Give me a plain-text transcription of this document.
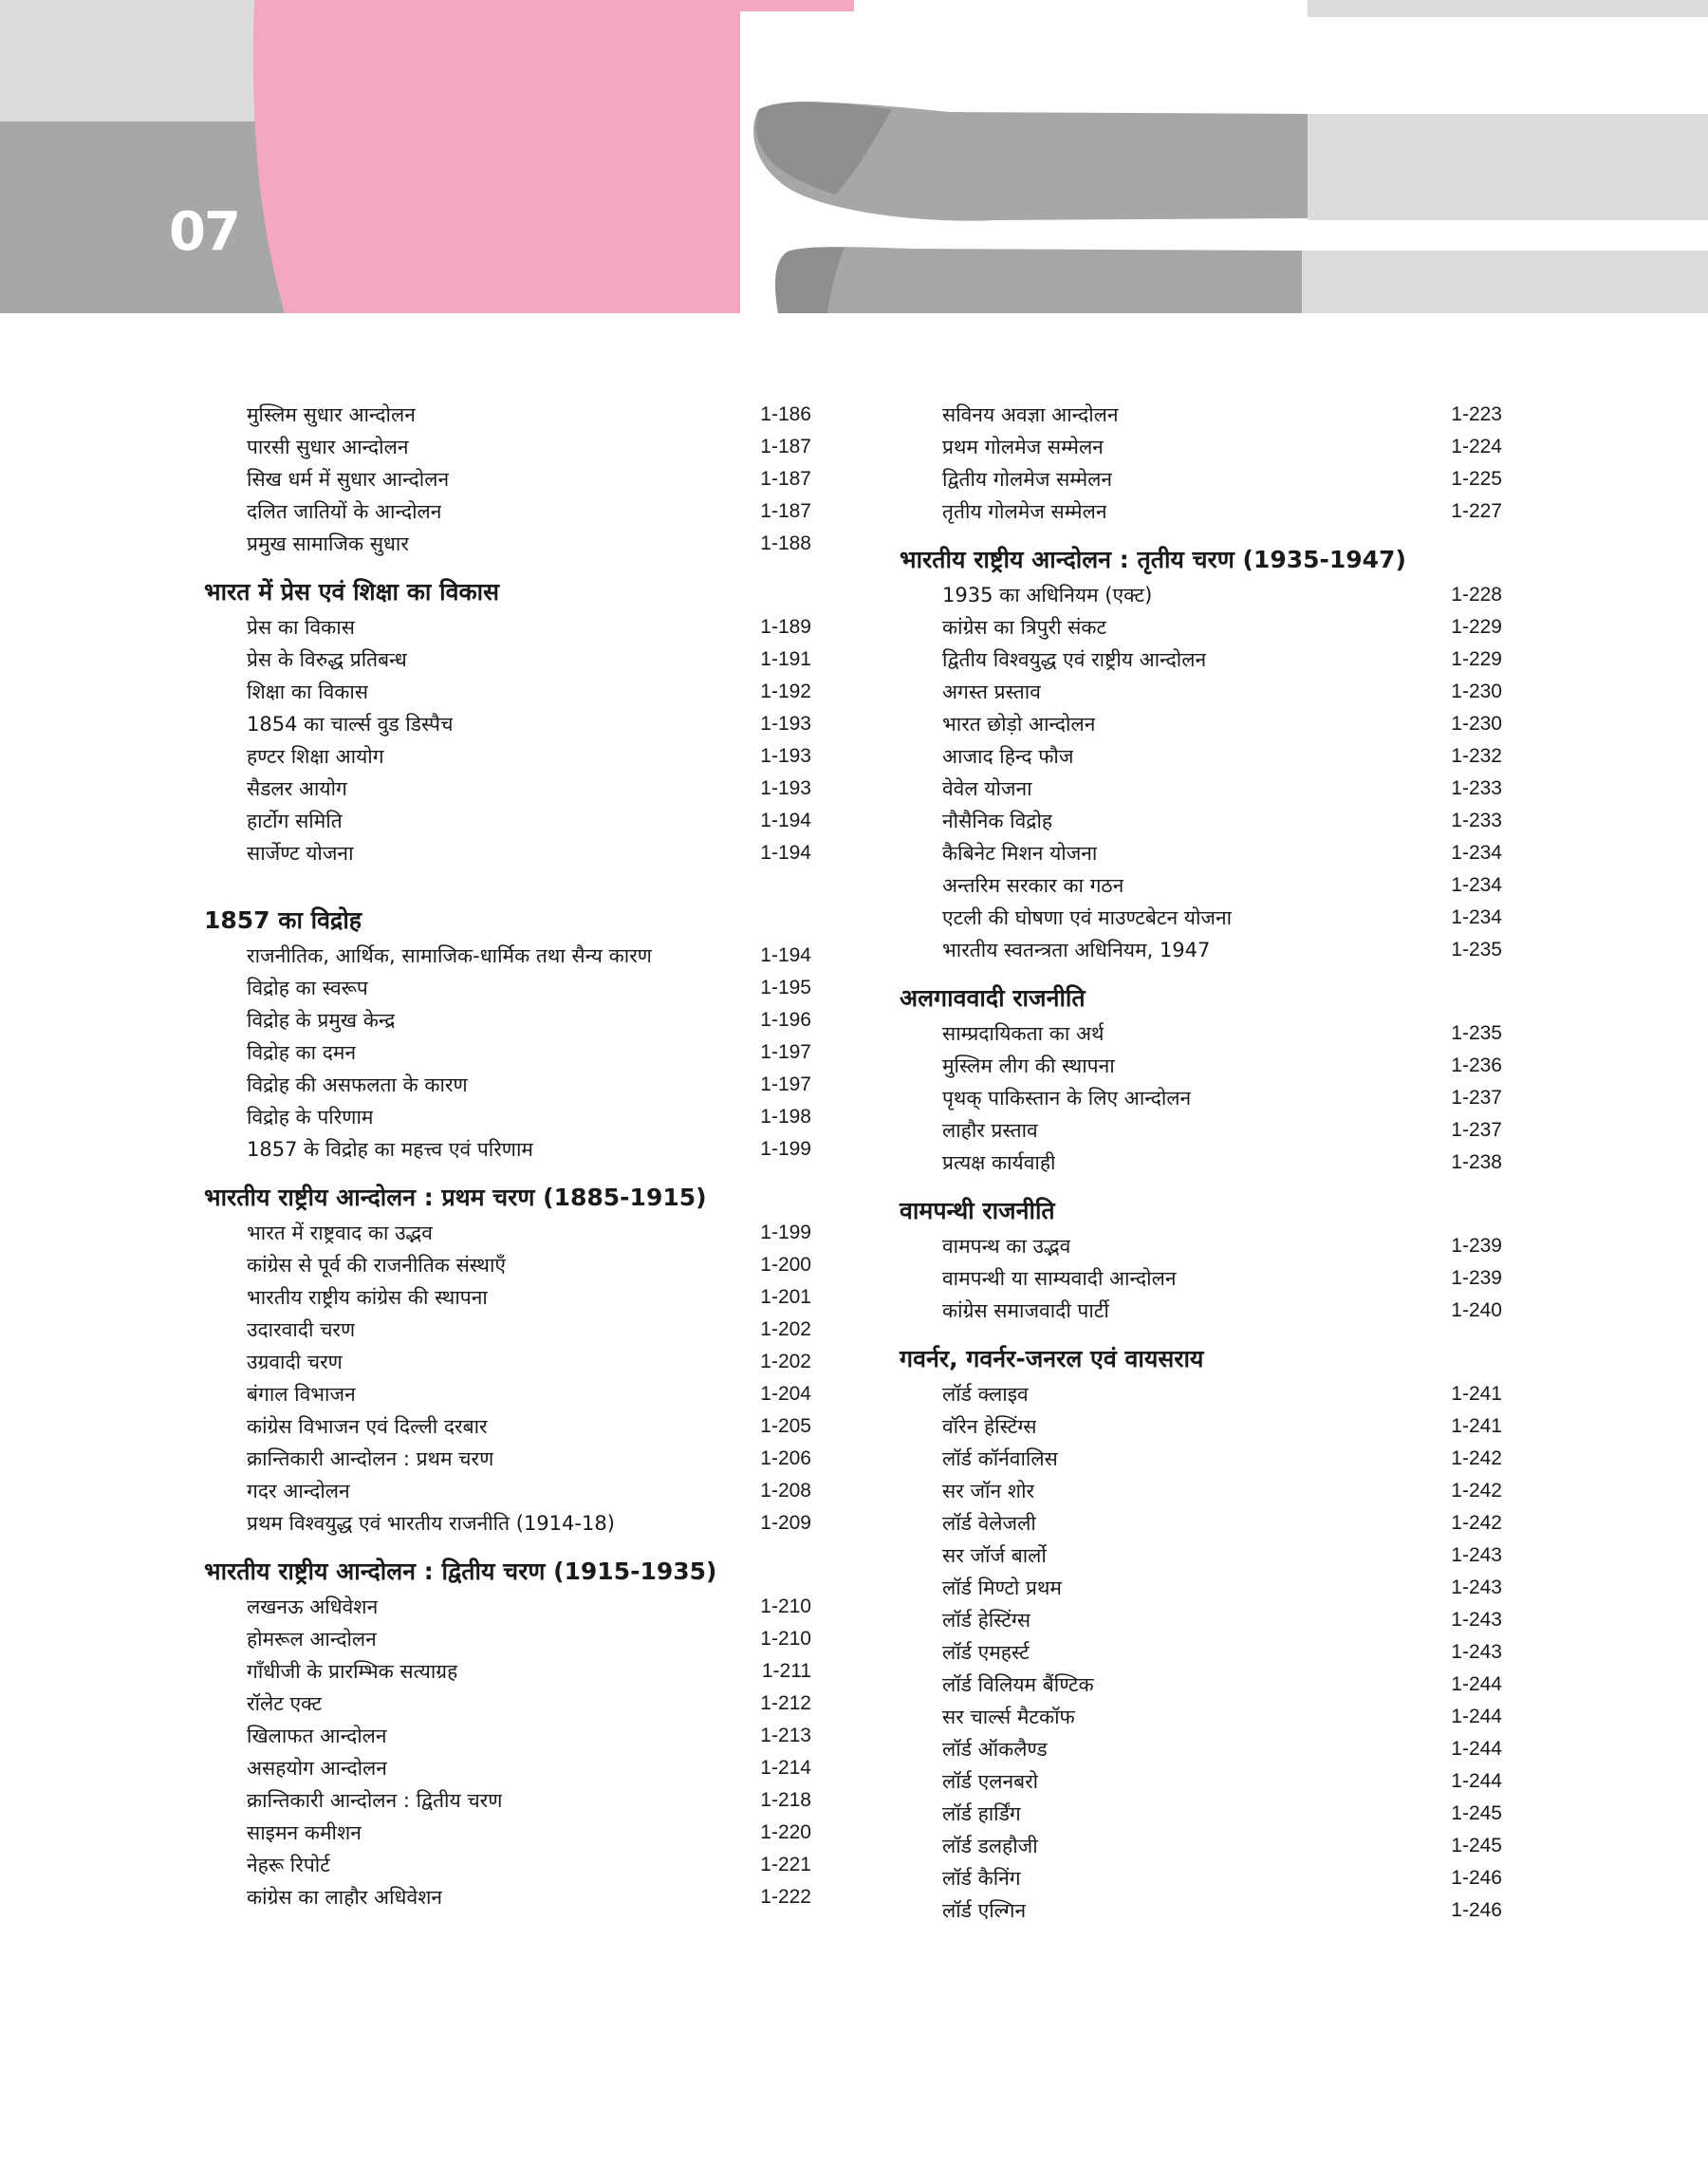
07
मुस्लिम सुधार आन्दोलन	1-186
पारसी सुधार आन्दोलन	1-187
सिख धर्म में सुधार आन्दोलन	1-187
दलित जातियों के आन्दोलन	1-187
प्रमुख सामाजिक सुधार	1-188
भारत में प्रेस एवं शिक्षा का विकास
प्रेस का विकास	1-189
प्रेस के विरुद्ध प्रतिबन्ध	1-191
शिक्षा का विकास	1-192
1854 का चार्ल्स वुड डिस्पैच	1-193
हण्टर शिक्षा आयोग	1-193
सैडलर आयोग	1-193
हार्टोग समिति	1-194
सार्जेण्ट योजना	1-194
1857 का विद्रोह
राजनीतिक, आर्थिक, सामाजिक-धार्मिक तथा सैन्य कारण	1-194
विद्रोह का स्वरूप	1-195
विद्रोह के प्रमुख केन्द्र	1-196
विद्रोह का दमन	1-197
विद्रोह की असफलता के कारण	1-197
विद्रोह के परिणाम	1-198
1857 के विद्रोह का महत्त्व एवं परिणाम	1-199
भारतीय राष्ट्रीय आन्दोलन : प्रथम चरण (1885-1915)
भारत में राष्ट्रवाद का उद्भव	1-199
कांग्रेस से पूर्व की राजनीतिक संस्थाएँ	1-200
भारतीय राष्ट्रीय कांग्रेस की स्थापना	1-201
उदारवादी चरण	1-202
उग्रवादी चरण	1-202
बंगाल विभाजन	1-204
कांग्रेस विभाजन एवं दिल्ली दरबार	1-205
क्रान्तिकारी आन्दोलन : प्रथम चरण	1-206
गदर आन्दोलन	1-208
प्रथम विश्वयुद्ध एवं भारतीय राजनीति (1914-18)	1-209
भारतीय राष्ट्रीय आन्दोलन : द्वितीय चरण (1915-1935)
लखनऊ अधिवेशन	1-210
होमरूल आन्दोलन	1-210
गाँधीजी के प्रारम्भिक सत्याग्रह	1-211
रॉलेट एक्ट	1-212
खिलाफत आन्दोलन	1-213
असहयोग आन्दोलन	1-214
क्रान्तिकारी आन्दोलन : द्वितीय चरण	1-218
साइमन कमीशन	1-220
नेहरू रिपोर्ट	1-221
कांग्रेस का लाहौर अधिवेशन	1-222
सविनय अवज्ञा आन्दोलन	1-223
प्रथम गोलमेज सम्मेलन	1-224
द्वितीय गोलमेज सम्मेलन	1-225
तृतीय गोलमेज सम्मेलन	1-227
भारतीय राष्ट्रीय आन्दोलन : तृतीय चरण (1935-1947)
1935 का अधिनियम (एक्ट)	1-228
कांग्रेस का त्रिपुरी संकट	1-229
द्वितीय विश्वयुद्ध एवं राष्ट्रीय आन्दोलन	1-229
अगस्त प्रस्ताव	1-230
भारत छोड़ो आन्दोलन	1-230
आजाद हिन्द फौज	1-232
वेवेल योजना	1-233
नौसैनिक विद्रोह	1-233
कैबिनेट मिशन योजना	1-234
अन्तरिम सरकार का गठन	1-234
एटली की घोषणा एवं माउण्टबेटन योजना	1-234
भारतीय स्वतन्त्रता अधिनियम, 1947	1-235
अलगाववादी राजनीति
साम्प्रदायिकता का अर्थ	1-235
मुस्लिम लीग की स्थापना	1-236
पृथक् पाकिस्तान के लिए आन्दोलन	1-237
लाहौर प्रस्ताव	1-237
प्रत्यक्ष कार्यवाही	1-238
वामपन्थी राजनीति
वामपन्थ का उद्भव	1-239
वामपन्थी या साम्यवादी आन्दोलन	1-239
कांग्रेस समाजवादी पार्टी	1-240
गवर्नर, गवर्नर-जनरल एवं वायसराय
लॉर्ड क्लाइव	1-241
वॉरेन हेस्टिंग्स	1-241
लॉर्ड कॉर्नवालिस	1-242
सर जॉन शोर	1-242
लॉर्ड वेलेजली	1-242
सर जॉर्ज बार्लो	1-243
लॉर्ड मिण्टो प्रथम	1-243
लॉर्ड हेस्टिंग्स	1-243
लॉर्ड एमहर्स्ट	1-243
लॉर्ड विलियम बैंण्टिक	1-244
सर चार्ल्स मैटकॉफ	1-244
लॉर्ड ऑकलैण्ड	1-244
लॉर्ड एलनबरो	1-244
लॉर्ड हार्डिंग	1-245
लॉर्ड डलहौजी	1-245
लॉर्ड कैनिंग	1-246
लॉर्ड एल्गिन	1-246
